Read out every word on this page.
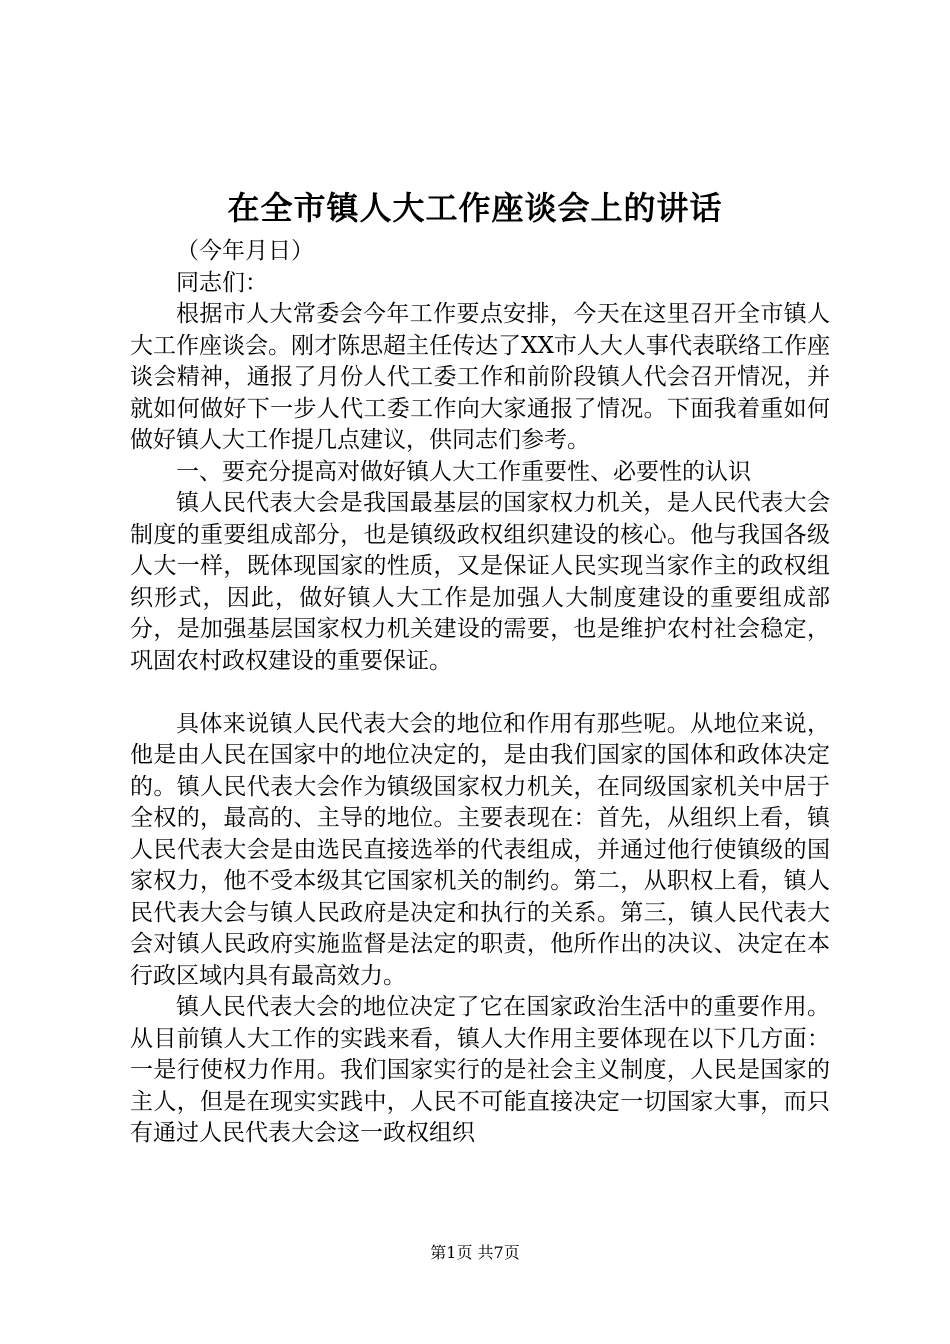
在全市镇人大工作座谈会上的讲话

（今年月日）

同志们：

根据市人大常委会今年工作要点安排，今天在这里召开全市镇人大工作座谈会。刚才陈思超主任传达了XX市人大人事代表联络工作座谈会精神，通报了月份人代工委工作和前阶段镇人代会召开情况，并就如何做好下一步人代工委工作向大家通报了情况。下面我着重如何做好镇人大工作提几点建议，供同志们参考。

一、要充分提高对做好镇人大工作重要性、必要性的认识

镇人民代表大会是我国最基层的国家权力机关，是人民代表大会制度的重要组成部分，也是镇级政权组织建设的核心。他与我国各级人大一样，既体现国家的性质，又是保证人民实现当家作主的政权组织形式，因此，做好镇人大工作是加强人大制度建设的重要组成部分，是加强基层国家权力机关建设的需要，也是维护农村社会稳定，巩固农村政权建设的重要保证。

具体来说镇人民代表大会的地位和作用有那些呢。从地位来说，他是由人民在国家中的地位决定的，是由我们国家的国体和政体决定的。镇人民代表大会作为镇级国家权力机关，在同级国家机关中居于全权的，最高的、主导的地位。主要表现在：首先，从组织上看，镇人民代表大会是由选民直接选举的代表组成，并通过他行使镇级的国家权力，他不受本级其它国家机关的制约。第二，从职权上看，镇人民代表大会与镇人民政府是决定和执行的关系。第三，镇人民代表大会对镇人民政府实施监督是法定的职责，他所作出的决议、决定在本行政区域内具有最高效力。

镇人民代表大会的地位决定了它在国家政治生活中的重要作用。从目前镇人大工作的实践来看，镇人大作用主要体现在以下几方面：一是行使权力作用。我们国家实行的是社会主义制度，人民是国家的主人，但是在现实实践中，人民不可能直接决定一切国家大事，而只有通过人民代表大会这一政权组织

第1页 共7页
